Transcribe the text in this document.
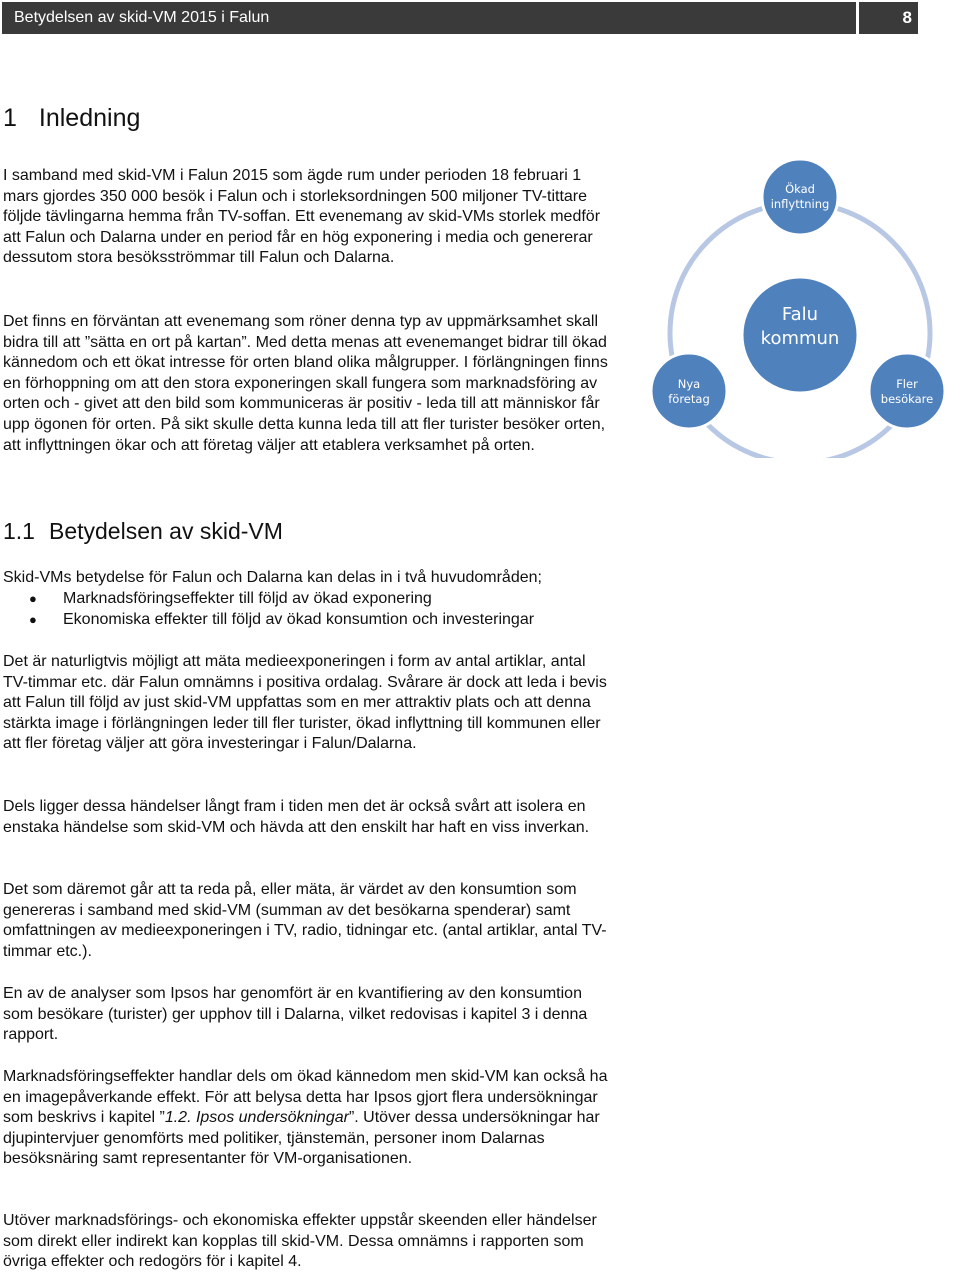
Betydelsen av skid-VM 2015 i Falun	8
1 Inledning

I samband med skid-VM i Falun 2015 som ägde rum under perioden 18 februari 1 mars gjordes 350 000 besök i Falun och i storleksordningen 500 miljoner TV-tittare följde tävlingarna hemma från TV-soffan. Ett evenemang av skid-VMs storlek medför att Falun och Dalarna under en period får en hög exponering i media och genererar dessutom stora besöksströmmar till Falun och Dalarna.

Det finns en förväntan att evenemang som röner denna typ av uppmärksamhet skall bidra till att ”sätta en ort på kartan”. Med detta menas att evenemanget bidrar till ökad kännedom och ett ökat intresse för orten bland olika målgrupper. I förlängningen finns en förhoppning om att den stora exponeringen skall fungera som marknadsföring av orten och - givet att den bild som kommuniceras är positiv - leda till att människor får upp ögonen för orten. På sikt skulle detta kunna leda till att fler turister besöker orten, att inflyttningen ökar och att företag väljer att etablera verksamhet på orten.

Falu
kommun
Ökad
inflyttning
Nya
företag
Fler
besökare
1.1 Betydelsen av skid-VM

Skid-VMs betydelse för Falun och Dalarna kan delas in i två huvudområden;

●	Marknadsföringseffekter till följd av ökad exponering
●	Ekonomiska effekter till följd av ökad konsumtion och investeringar

Det är naturligtvis möjligt att mäta medieexponeringen i form av antal artiklar, antal TV-timmar etc. där Falun omnämns i positiva ordalag. Svårare är dock att leda i bevis att Falun till följd av just skid-VM uppfattas som en mer attraktiv plats och att denna stärkta image i förlängningen leder till fler turister, ökad inflyttning till kommunen eller att fler företag väljer att göra investeringar i Falun/Dalarna.

Dels ligger dessa händelser långt fram i tiden men det är också svårt att isolera en enstaka händelse som skid-VM och hävda att den enskilt har haft en viss inverkan.

Det som däremot går att ta reda på, eller mäta, är värdet av den konsumtion som genereras i samband med skid-VM (summan av det besökarna spenderar) samt omfattningen av medieexponeringen i TV, radio, tidningar etc. (antal artiklar, antal TV-timmar etc.).

En av de analyser som Ipsos har genomfört är en kvantifiering av den konsumtion som besökare (turister) ger upphov till i Dalarna, vilket redovisas i kapitel 3 i denna rapport.

Marknadsföringseffekter handlar dels om ökad kännedom men skid-VM kan också ha en imagepåverkande effekt. För att belysa detta har Ipsos gjort flera undersökningar som beskrivs i kapitel ”1.2. Ipsos undersökningar”. Utöver dessa undersökningar har djupintervjuer genomförts med politiker, tjänstemän, personer inom Dalarnas besöksnäring samt representanter för VM-organisationen.

Utöver marknadsförings- och ekonomiska effekter uppstår skeenden eller händelser som direkt eller indirekt kan kopplas till skid-VM. Dessa omnämns i rapporten som övriga effekter och redogörs för i kapitel 4.
